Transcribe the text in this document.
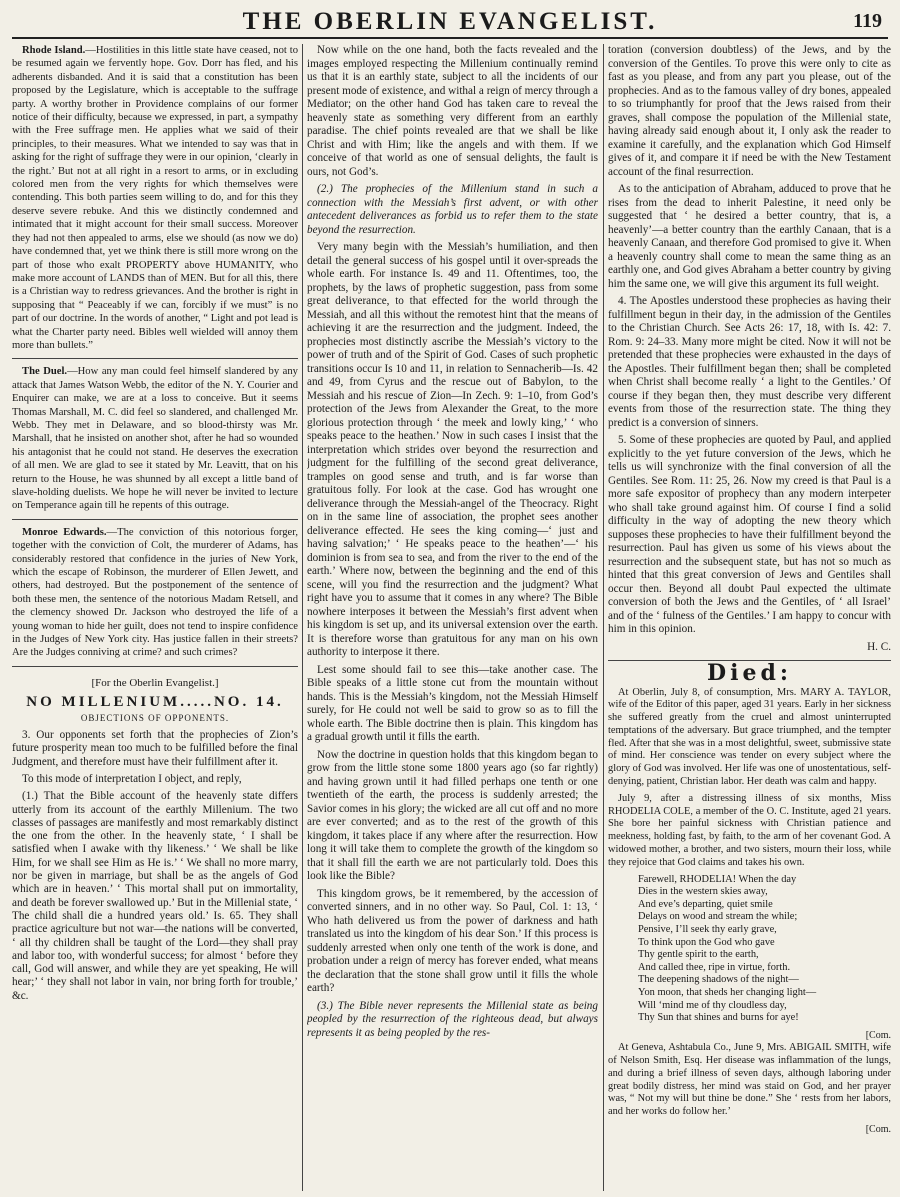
THE OBERLIN EVANGELIST.	119

Rhode Island.—Hostilities in this little state have ceased, not to be resumed again we fervently hope. Gov. Dorr has fled, and his adherents disbanded. And it is said that a constitution has been proposed by the Legislature, which is acceptable to the suffrage party. A worthy brother in Providence complains of our former notice of their difficulty, because we expressed, in part, a sympathy with the Free suffrage men. He applies what we said of their principles, to their measures. What we intended to say was that in asking for the right of suffrage they were in our opinion, ‘clearly in the right.’ But not at all right in a resort to arms, or in excluding colored men from the very rights for which themselves were contending. This both parties seem willing to do, and for this they deserve severe rebuke. And this we distinctly condemned and intimated that it might account for their small success. Moreover they had not then appealed to arms, else we should (as now we do) have condemned that, yet we think there is still more wrong on the part of those who exalt PROPERTY above HUMANITY, who make more account of LANDS than of MEN. But for all this, there is a Christian way to redress grievances. And the brother is right in supposing that “ Peaceably if we can, forcibly if we must” is no part of our doctrine. In the words of another, “ Light and pot lead is what the Charter party need. Bibles well wielded will annoy them more than bullets.”

The Duel.—How any man could feel himself slandered by any attack that James Watson Webb, the editor of the N. Y. Courier and Enquirer can make, we are at a loss to conceive. But it seems Thomas Marshall, M. C. did feel so slandered, and challenged Mr. Webb. They met in Delaware, and so blood-thirsty was Mr. Marshall, that he insisted on another shot, after he had so wounded his antagonist that he could not stand. He deserves the execration of all men. We are glad to see it stated by Mr. Leavitt, that on his return to the House, he was shunned by all except a little band of slave-holding duelists. We hope he will never be invited to lecture on Temperance again till he repents of this outrage.

Monroe Edwards.—The conviction of this notorious forger, together with the conviction of Colt, the murderer of Adams, has considerably restored that confidence in the juries of New York, which the escape of Robinson, the murderer of Ellen Jewett, and others, had destroyed. But the postponement of the sentence of both these men, the sentence of the notorious Madam Retsell, and the clemency showed Dr. Jackson who destroyed the life of a young woman to hide her guilt, does not tend to inspire confidence in the Judges of New York city. Has justice fallen in their streets? Are the Judges conniving at crime? and such crimes?

[For the Oberlin Evangelist.]
NO MILLENIUM.....NO. 14.
OBJECTIONS OF OPPONENTS.

3. Our opponents set forth that the prophecies of Zion’s future prosperity mean too much to be fulfilled before the final Judgment, and therefore must have their fulfillment after it.

To this mode of interpretation I object, and reply,

(1.) That the Bible account of the heavenly state differs utterly from its account of the earthly Millenium. The two classes of passages are manifestly and most remarkably distinct the one from the other. In the heavenly state, ‘ I shall be satisfied when I awake with thy likeness.’ ‘ We shall be like Him, for we shall see Him as He is.’ ‘ We shall no more marry, nor be given in marriage, but shall be as the angels of God which are in heaven.’ ‘ This mortal shall put on immortality, and death be forever swallowed up.’ But in the Millenial state, ‘ The child shall die a hundred years old.’ Is. 65. They shall practice agriculture but not war—the nations will be converted, ‘ all thy children shall be taught of the Lord—they shall pray and labor too, with wonderful success; for almost ‘ before they call, God will answer, and while they are yet speaking, He will hear;’ ‘ they shall not labor in vain, nor bring forth for trouble,’ &c.

Now while on the one hand, both the facts revealed and the images employed respecting the Millenium continually remind us that it is an earthly state, subject to all the incidents of our present mode of existence, and withal a reign of mercy through a Mediator; on the other hand God has taken care to reveal the heavenly state as something very different from an earthly paradise. The chief points revealed are that we shall be like Christ and with Him; like the angels and with them. If we conceive of that world as one of sensual delights, the fault is ours, not God’s.

(2.) The prophecies of the Millenium stand in such a connection with the Messiah’s first advent, or with other antecedent deliverances as forbid us to refer them to the state beyond the resurrection.

Very many begin with the Messiah’s humiliation, and then detail the general success of his gospel until it over-spreads the whole earth. For instance Is. 49 and 11. Oftentimes, too, the prophets, by the laws of prophetic suggestion, pass from some great deliverance, to that effected for the world through the Messiah, and all this without the remotest hint that the means of achieving it are the resurrection and the judgment. Indeed, the prophecies most distinctly ascribe the Messiah’s victory to the power of truth and of the Spirit of God. Cases of such prophetic transitions occur Is 10 and 11, in relation to Sennacherib—Is. 42 and 49, from Cyrus and the rescue out of Babylon, to the Messiah and his rescue of Zion—In Zech. 9: 1–10, from God’s protection of the Jews from Alexander the Great, to the more glorious protection through ‘ the meek and lowly king,’ ‘ who speaks peace to the heathen.’ Now in such cases I insist that the interpretation which strides over beyond the resurrection and judgment for the fulfilling of the second great deliverance, tramples on good sense and truth, and is far worse than gratuitous folly. For look at the case. God has wrought one deliverance through the Messiah-angel of the Theocracy. Right on in the same line of association, the prophet sees another deliverance effected. He sees the king coming—‘ just and having salvation;’ ‘ He speaks peace to the heathen’—‘ his dominion is from sea to sea, and from the river to the end of the earth.’ Where now, between the beginning and the end of this scene, will you find the resurrection and the judgment? What right have you to assume that it comes in any where? The Bible nowhere interposes it between the Messiah’s first advent when his kingdom is set up, and its universal extension over the earth. It is therefore worse than gratuitous for any man on his own authority to interpose it there.

Lest some should fail to see this—take another case. The Bible speaks of a little stone cut from the mountain without hands. This is the Messiah’s kingdom, not the Messiah Himself surely, for He could not well be said to grow so as to fill the whole earth. The Bible doctrine then is plain. This kingdom has a gradual growth until it fills the earth.

Now the doctrine in question holds that this kingdom began to grow from the little stone some 1800 years ago (so far rightly) and having grown until it had filled perhaps one tenth or one twentieth of the earth, the process is suddenly arrested; the Savior comes in his glory; the wicked are all cut off and no more are ever converted; and as to the rest of the growth of this kingdom, it takes place if any where after the resurrection. How long it will take them to complete the growth of the kingdom so that it shall fill the earth we are not particularly told. Does this look like the Bible?

This kingdom grows, be it remembered, by the accession of converted sinners, and in no other way. So Paul, Col. 1: 13, ‘ Who hath delivered us from the power of darkness and hath translated us into the kingdom of his dear Son.’ If this process is suddenly arrested when only one tenth of the work is done, and probation under a reign of mercy has forever ended, what means the declaration that the stone shall grow until it fills the whole earth?

(3.) The Bible never represents the Millenial state as being peopled by the resurrection of the righteous dead, but always represents it as being peopled by the res-

toration (conversion doubtless) of the Jews, and by the conversion of the Gentiles. To prove this were only to cite as fast as you please, and from any part you please, out of the prophecies. And as to the famous valley of dry bones, appealed to so triumphantly for proof that the Jews raised from their graves, shall compose the population of the Millenial state, having already said enough about it, I only ask the reader to examine it carefully, and the explanation which God Himself gives of it, and compare it if need be with the New Testament account of the final resurrection.

As to the anticipation of Abraham, adduced to prove that he rises from the dead to inherit Palestine, it need only be suggested that ‘ he desired a better country, that is, a heavenly’—a better country than the earthly Canaan, that is a heavenly Canaan, and therefore God promised to give it. When a heavenly country shall come to mean the same thing as an earthly one, and God gives Abraham a better country by giving him the same one, we will give this argument its full weight.

4. The Apostles understood these prophecies as having their fulfillment begun in their day, in the admission of the Gentiles to the Christian Church. See Acts 26: 17, 18, with Is. 42: 7. Rom. 9: 24–33. Many more might be cited. Now it will not be pretended that these prophecies were exhausted in the days of the Apostles. Their fulfillment began then; shall be completed when Christ shall become really ‘ a light to the Gentiles.’ Of course if they began then, they must describe very different events from those of the resurrection state. The thing they predict is a conversion of sinners.

5. Some of these prophecies are quoted by Paul, and applied explicitly to the yet future conversion of the Jews, which he tells us will synchronize with the final conversion of all the Gentiles. See Rom. 11: 25, 26. Now my creed is that Paul is a more safe expositor of prophecy than any modern interpeter who shall take ground against him. Of course I find a solid difficulty in the way of adopting the new theory which supposes these prophecies to have their fulfillment beyond the resurrection. Paul has given us some of his views about the resurrection and the subsequent state, but has not so much as hinted that this great conversion of Jews and Gentiles shall occur then. Beyond all doubt Paul expected the ultimate conversion of both the Jews and the Gentiles, of ‘ all Israel’ and of the ‘ fulness of the Gentiles.’ I am happy to concur with him in this opinion.

H. C.
Died:

At Oberlin, July 8, of consumption, Mrs. MARY A. TAYLOR, wife of the Editor of this paper, aged 31 years. Early in her sickness she suffered greatly from the cruel and almost uninterrupted temptations of the adversary. But grace triumphed, and the tempter fled. After that she was in a most delightful, sweet, submissive state of mind. Her conscience was tender on every subject where the glory of God was involved. Her life was one of unostentatious, self-denying, patient, Christian labor. Her death was calm and happy.

July 9, after a distressing illness of six months, Miss RHODELIA COLE, a member of the O. C. Institute, aged 21 years. She bore her painful sickness with Christian patience and meekness, holding fast, by faith, to the arm of her covenant God. A widowed mother, a brother, and two sisters, mourn their loss, while they rejoice that God claims and takes his own.

Farewell, RHODELIA! When the day
Dies in the western skies away,
And eve’s departing, quiet smile
Delays on wood and stream the while;
Pensive, I’ll seek thy early grave,
To think upon the God who gave
Thy gentle spirit to the earth,
And called thee, ripe in virtue, forth.
The deepening shadows of the night—
Yon moon, that sheds her changing light—
Will ‘mind me of thy cloudless day,
Thy Sun that shines and burns for aye!
[Com.

At Geneva, Ashtabula Co., June 9, Mrs. ABIGAIL SMITH, wife of Nelson Smith, Esq. Her disease was inflammation of the lungs, and during a brief illness of seven days, although laboring under great bodily distress, her mind was staid on God, and her prayer was, “ Not my will but thine be done.” She ‘ rests from her labors, and her works do follow her.’

[Com.
